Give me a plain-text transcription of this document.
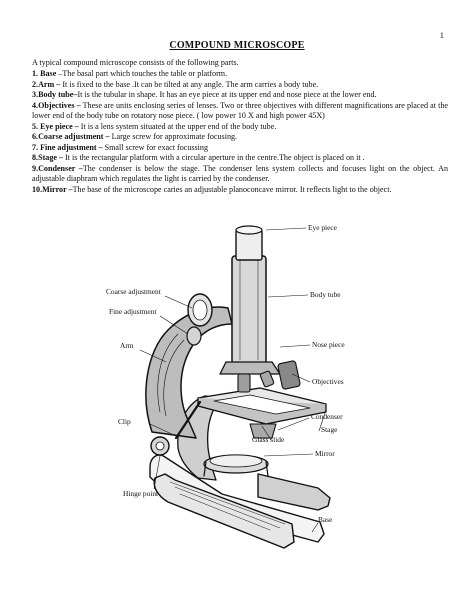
1
COMPOUND MICROSCOPE

A typical compound microscope consists of the following parts.

1. Base –The basal part which touches the table or platform.

2.Arm – It is fixed to the base .It can be tilted at any angle. The arm carries a body tube.

3.Body tube–It is the tubular in shape. It has an eye piece at its upper end and nose piece at the lower end.

4.Objectives – These are units enclosing series of lenses. Two or three objectives with different magnifications are placed at the lower end of the body tube on rotatory nose piece. ( low power 10 X and high power 45X)

5. Eye piece – It is a lens system situated at the upper end of the body tube.

6.Coarse adjustment – Large screw for approximate focusing.

7. Fine adjustment – Small screw for exact focussing

8.Stage – It is the rectangular platform with a circular aperture in the centre.The object is placed on it .

9.Condenser –The condenser is below the stage. The condenser lens system collects and focuses light on the object. An adjustable diaphram which regulates the light is carried by the condenser.

10.Mirror –The base of the microscope caries an adjustable planoconcave mirror. It reflects light to the object.

Eye piece
Coarse adjustment	Body tube
Fine adjustment
Arm	Nose piece
Objectives
Condenser
Clip
Stage
Glass slide
Mirror
Hinge point
Base
